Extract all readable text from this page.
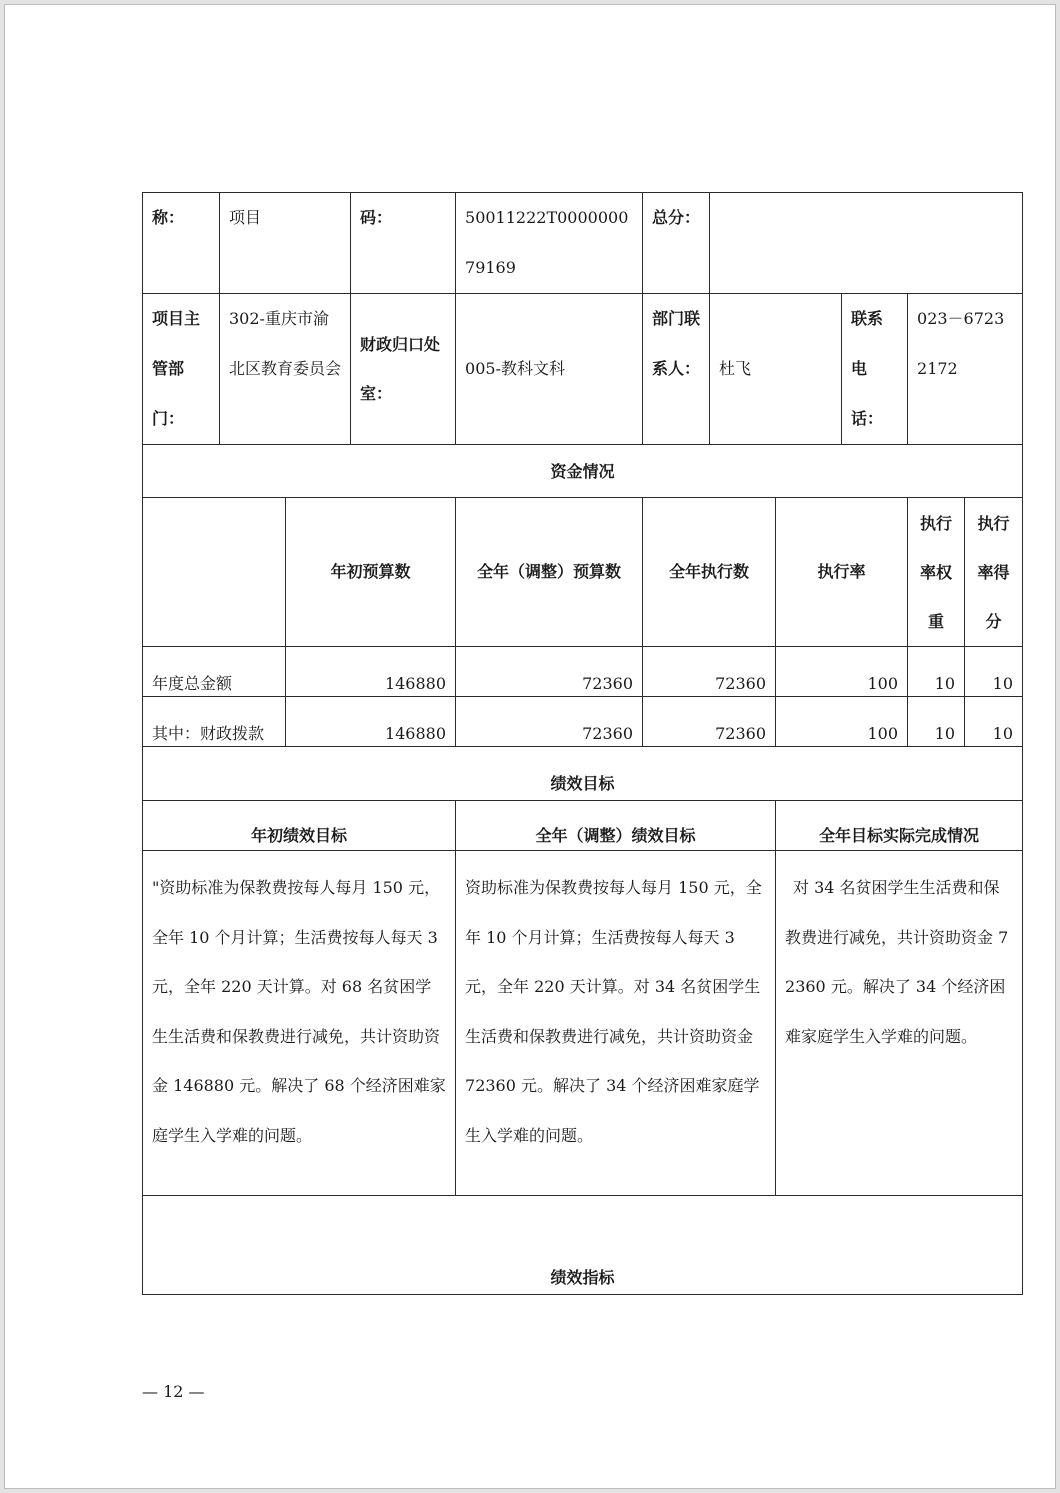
称：	项目		码：	50011222T000000079169	总分：					
项目主管部门：	302-重庆市渝北区教育委员会		财政归口处室：	005-教科文科	部门联系人：	杜飞		联系电话：	023－67232172	
资金情况										
		年初预算数		全年（调整）预算数	全年执行数		执行率		执行率权重	执行率得分
年度总金额		146880		72360	72360		100		10	10
其中：财政拨款		146880		72360	72360		100		10	10
绩效目标										
年初绩效目标				全年（调整）绩效目标			全年目标实际完成情况			
"资助标准为保教费按每人每月 150 元，全年 10 个月计算；生活费按每人每天 3 元，全年 220 天计算。对 68 名贫困学生生活费和保教费进行减免，共计资助资金 146880 元。解决了 68 个经济困难家庭学生入学难的问题。				资助标准为保教费按每人每月 150 元，全年 10 个月计算；生活费按每人每天 3 元，全年 220 天计算。对 34 名贫困学生生活费和保教费进行减免，共计资助资金 72360 元。解决了 34 个经济困难家庭学生入学难的问题。			对 34 名贫困学生生活费和保教费进行减免，共计资助资金 72360 元。解决了 34 个经济困难家庭学生入学难的问题。			
绩效指标										
— 12 —
